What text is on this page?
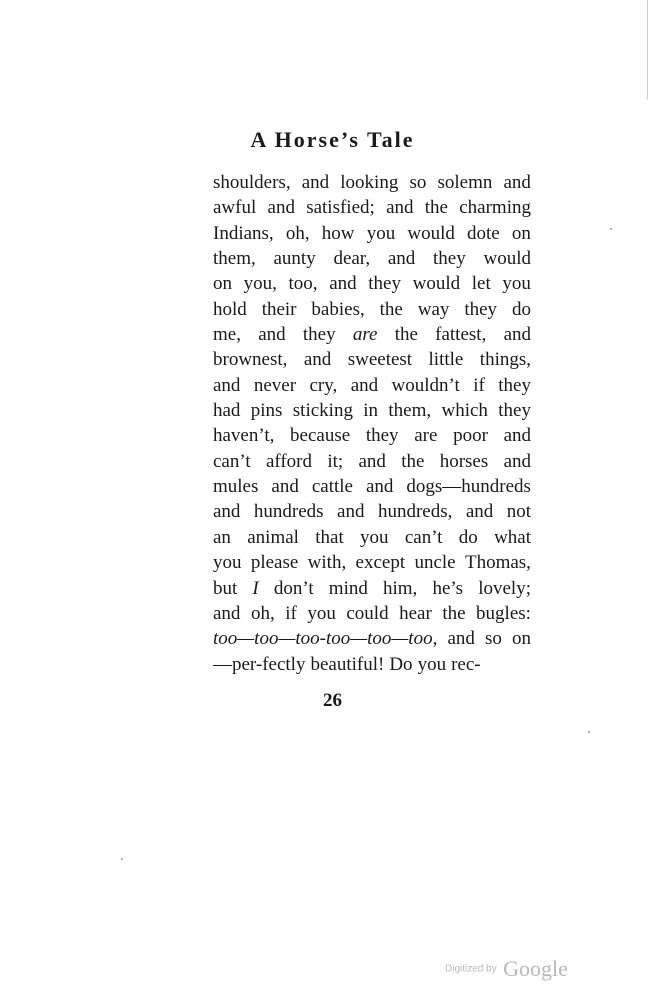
A Horse’s Tale
shoulders, and looking so solemn and
awful and satisfied; and the charming
Indians, oh, how you would dote on
them, aunty dear, and they would
on you, too, and they would let you
hold their babies, the way they do
me, and they are the fattest, and
brownest, and sweetest little things,
and never cry, and wouldn’t if they
had pins sticking in them, which they
haven’t, because they are poor and
can’t afford it; and the horses and
mules and cattle and dogs—hundreds
and hundreds and hundreds, and not
an animal that you can’t do what
you please with, except uncle Thomas,
but I don’t mind him, he’s lovely;
and oh, if you could hear the bugles:
too—too—too-too—too—too, and so on
—per-fectly beautiful! Do you rec-
26
Digitized by Google
